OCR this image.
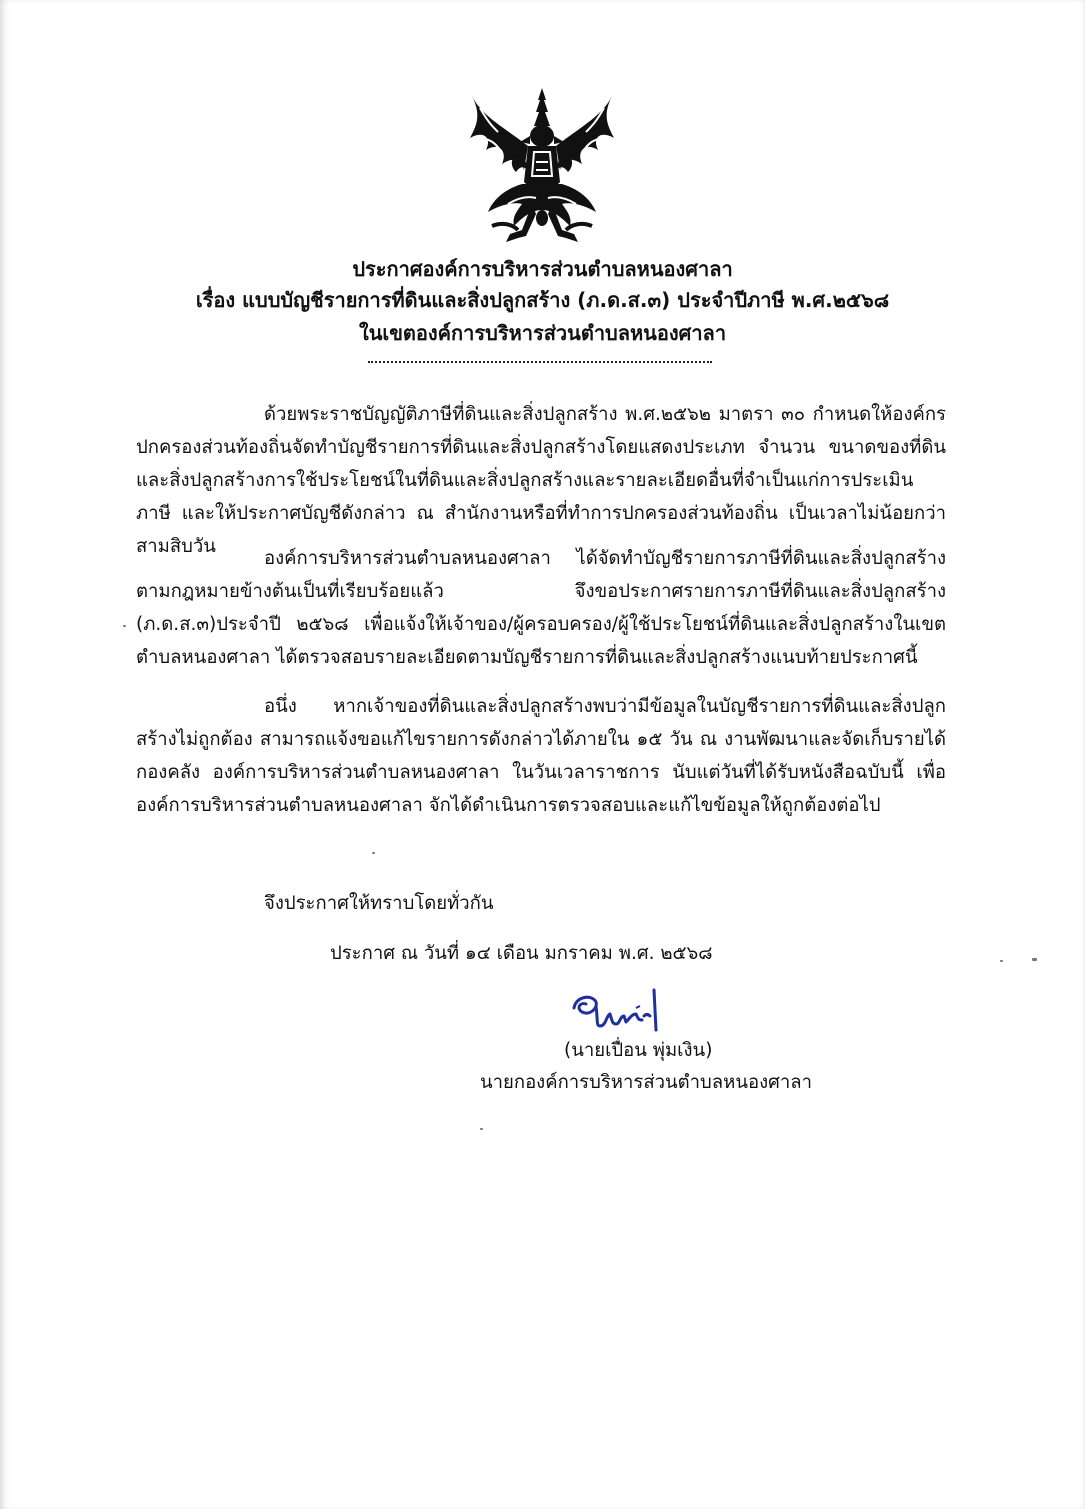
ประกาศองค์การบริหารส่วนตำบลหนองศาลา
เรื่อง แบบบัญชีรายการที่ดินและสิ่งปลูกสร้าง (ภ.ด.ส.๓) ประจำปีภาษี พ.ศ.๒๕๖๘
ในเขตองค์การบริหารส่วนตำบลหนองศาลา
ด้วยพระราชบัญญัติภาษีที่ดินและสิ่งปลูกสร้าง พ.ศ.๒๕๖๒ มาตรา ๓๐ กำหนดให้องค์กรปกครองส่วนท้องถิ่นจัดทำบัญชีรายการที่ดินและสิ่งปลูกสร้างโดยแสดงประเภท จำนวน ขนาดของที่ดินและสิ่งปลูกสร้างการใช้ประโยชน์ในที่ดินและสิ่งปลูกสร้างและรายละเอียดอื่นที่จำเป็นแก่การประเมินภาษี และให้ประกาศบัญชีดังกล่าว ณ สำนักงานหรือที่ทำการปกครองส่วนท้องถิ่น เป็นเวลาไม่น้อยกว่าสามสิบวัน
องค์การบริหารส่วนตำบลหนองศาลา ได้จัดทำบัญชีรายการภาษีที่ดินและสิ่งปลูกสร้าง ตามกฎหมายข้างต้นเป็นที่เรียบร้อยแล้ว จึงขอประกาศรายการภาษีที่ดินและสิ่งปลูกสร้าง (ภ.ด.ส.๓)ประจำปี ๒๕๖๘ เพื่อแจ้งให้เจ้าของ/ผู้ครอบครอง/ผู้ใช้ประโยชน์ที่ดินและสิ่งปลูกสร้างในเขตตำบลหนองศาลา ได้ตรวจสอบรายละเอียดตามบัญชีรายการที่ดินและสิ่งปลูกสร้างแนบท้ายประกาศนี้
อนึ่ง หากเจ้าของที่ดินและสิ่งปลูกสร้างพบว่ามีข้อมูลในบัญชีรายการที่ดินและสิ่งปลูกสร้างไม่ถูกต้อง สามารถแจ้งขอแก้ไขรายการดังกล่าวได้ภายใน ๑๕ วัน ณ งานพัฒนาและจัดเก็บรายได้ กองคลัง องค์การบริหารส่วนตำบลหนองศาลา ในวันเวลาราชการ นับแต่วันที่ได้รับหนังสือฉบับนี้ เพื่อองค์การบริหารส่วนตำบลหนองศาลา จักได้ดำเนินการตรวจสอบและแก้ไขข้อมูลให้ถูกต้องต่อไป
จึงประกาศให้ทราบโดยทั่วกัน
ประกาศ ณ วันที่ ๑๔ เดือน มกราคม พ.ศ. ๒๕๖๘
(นายเปื่อน พุ่มเงิน)
นายกองค์การบริหารส่วนตำบลหนองศาลา
